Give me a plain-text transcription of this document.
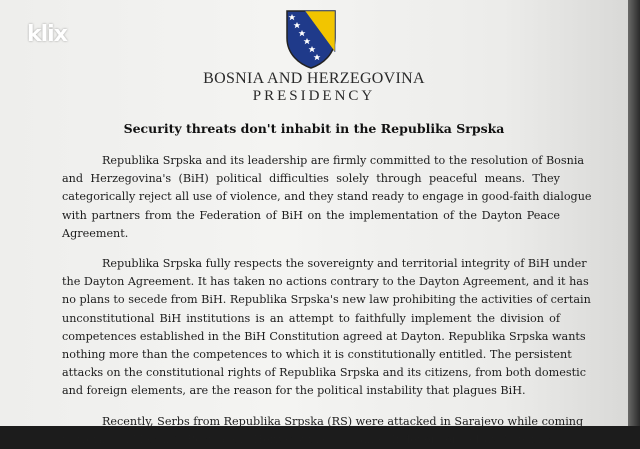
klix
BOSNIA AND HERZEGOVINA
PRESIDENCY
Security threats don't inhabit in the Republika Srpska
Republika Srpska and its leadership are firmly committed to the resolution of Bosnia
and Herzegovina's (BiH) political difficulties solely through peaceful means. They
categorically reject all use of violence, and they stand ready to engage in good-faith dialogue
with partners from the Federation of BiH on the implementation of the Dayton Peace
Agreement.
Republika Srpska fully respects the sovereignty and territorial integrity of BiH under
the Dayton Agreement. It has taken no actions contrary to the Dayton Agreement, and it has
no plans to secede from BiH. Republika Srpska's new law prohibiting the activities of certain
unconstitutional BiH institutions is an attempt to faithfully implement the division of
competences established in the BiH Constitution agreed at Dayton. Republika Srpska wants
nothing more than the competences to which it is constitutionally entitled. The persistent
attacks on the constitutional rights of Republika Srpska and its citizens, from both domestic
and foreign elements, are the reason for the political instability that plagues BiH.
Recently, Serbs from Republika Srpska (RS) were attacked in Sarajevo while coming
to work. On March 1, Bosnia and Herzegovina's so-called Independence Day, Muslims –
